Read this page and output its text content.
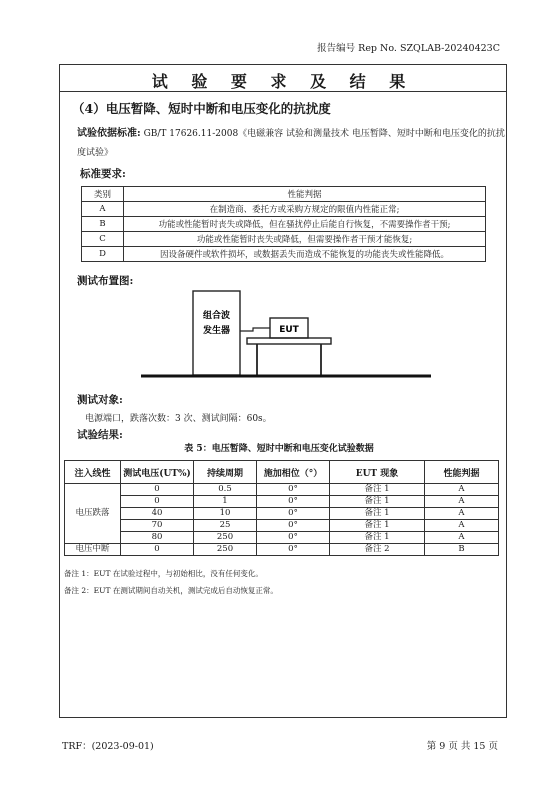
报告编号 Rep No. SZQLAB-20240423C
试 验 要 求 及 结 果
（4）电压暂降、短时中断和电压变化的抗扰度
试验依据标准: GB/T 17626.11-2008《电磁兼容 试验和测量技术 电压暂降、短时中断和电压变化的抗扰度试验》
标准要求:
类别	性能判据
A	在制造商、委托方或采购方规定的限值内性能正常;
B	功能或性能暂时丧失或降低，但在骚扰停止后能自行恢复，不需要操作者干预;
C	功能或性能暂时丧失或降低，但需要操作者干预才能恢复;
D	因设备硬件或软件损坏，或数据丢失而造成不能恢复的功能丧失或性能降低。
测试布置图:
组合波
发生器	EUT
测试对象:
电源端口，跌落次数：3 次、测试间隔：60s。
试验结果:
表 5：电压暂降、短时中断和电压变化试验数据
注入线性	测试电压(UT%)	持续周期	施加相位（°）	EUT 现象	性能判据
电压跌落	0	0.5	0°	备注 1	A
	0	1	0°	备注 1	A
	40	10	0°	备注 1	A
	70	25	0°	备注 1	A
	80	250	0°	备注 1	A
电压中断	0	250	0°	备注 2	B
备注 1：EUT 在试验过程中，与初始相比，没有任何变化。
备注 2：EUT 在测试期间自动关机，测试完成后自动恢复正常。
TRF：(2023-09-01)	第 9 页 共 15 页
